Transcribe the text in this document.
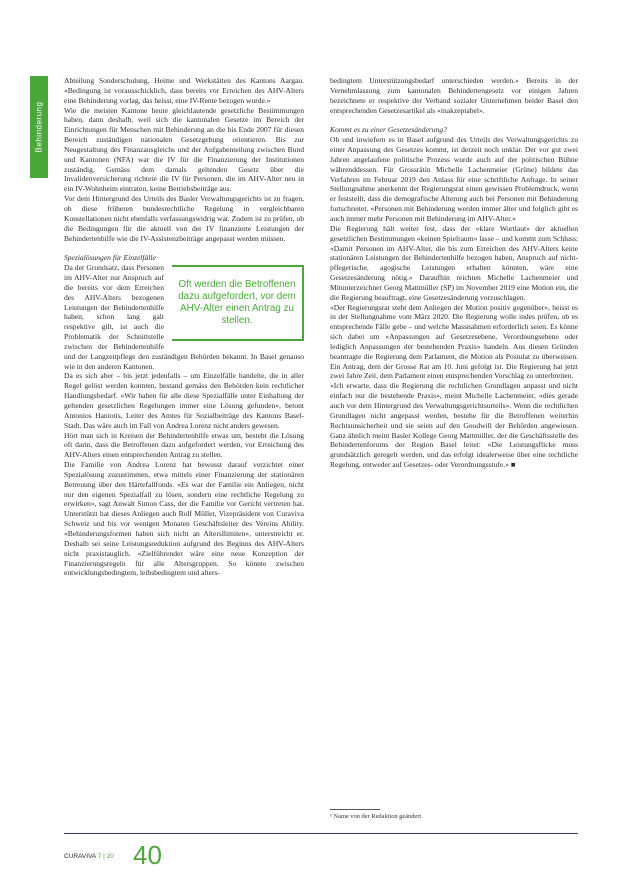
Behinderung

Abteilung Sonderschulung, Heime und Werkstätten des Kantons Aargau. «Bedingung ist vorausschicklich, dass bereits vor Erreichen des AHV-Alters eine Behinderung vorlag, das heisst, eine IV-Rente bezogen wurde.»

Wie die meisten Kantone heute gleichlautende gesetzliche Bestimmungen haben, dann deshalb, weil sich die kantonalen Gesetze im Bereich der Einrichtungen für Menschen mit Behinderung an die bis Ende 2007 für diesen Bereich zuständigen nationalen Gesetzgebung orientieren. Bis zur Neugestaltung des Finanzausgleichs und der Aufgabenteilung zwischen Bund und Kantonen (NFA) war die IV für die Finanzierung der Institutionen zuständig. Gemäss dem damals geltenden Gesetz über die Invalidenversicherung richtete die IV für Personen, die im AHV-Alter neu in ein IV-Wohnheim eintraten, keine Betriebsbeiträge aus.

Vor dem Hintergrund des Urteils des Basler Verwaltungsgerichts ist zu fragen, ob diese früheren bundesrechtliche Regelung in vergleichbaren Konstellationen nicht ebenfalls verfassungswidrig war. Zudem ist zu prüfen, ob die Bedingungen für die aktuell von der IV finanzierte Leistungen der Behindertenhilfe wie die IV-Assistenzbeiträge angepasst werden müssen.

Spezialösungen für Einzelfälle

Oft werden die Betroffenen dazu aufgefordert, vor dem AHV-Alter einen Antrag zu stellen.

Da der Grundsatz, dass Personen im AHV-Alter nur Anspruch auf die bereits vor dem Erreichen des AHV-Alters bezogenen Leistungen der Behindertenhilfe haben, schon lang galt respektive gilt, ist auch die Problematik der Schnittstelle zwischen der Behindertenhilfe und der Langzeitpflege den zuständigen Behörden bekannt. In Basel genauso wie in den anderen Kantonen.

Da es sich aber – bis jetzt jedenfalls – um Einzelfälle handelte, die in aller Regel gelöst werden konnten, bestand gemäss den Behörden kein rechtlicher Handlungsbedarf. «Wir haben für alle diese Spezialfälle unter Einhaltung der geltenden gesetzlichen Regelungen immer eine Lösung gefunden», betont Antonios Haniotis, Leiter des Amtes für Sozialbeiträge des Kantons Basel-Stadt. Das wäre auch im Fall von Andrea Lorenz nicht anders gewesen.

Hört man sich in Kreisen der Behindertenhilfe etwas um, besteht die Lösung oft darin, dass die Betroffenen dazu aufgefordert werden, vor Erreichung des AHV-Alters einen entsprechenden Antrag zu stellen.

Die Familie von Andrea Lorenz hat bewusst darauf verzichtet einer Spezialösung zuzustimmen, etwa mittels einer Finanzierung der stationären Betreuung über den Härtefallfonds. «Es war der Familie ein Anliegen, nicht nur den eigenen Spezialfall zu lösen, sondern eine rechtliche Regelung zu erwirken», sagt Anwalt Simon Cass, der die Familie vor Gericht vertreten hat. Unterstützt hat dieses Anliegen auch Rolf Müller, Vizepräsident von Curaviva Schweiz und bis vor wenigen Monaten Geschäftsleiter des Vereins Ability. «Behinderungsformen haben sich nicht an Altersllimiten», unterstreicht er. Deshalb sei seine Leistungsreduktion aufgrund des Beginns des AHV-Alters nicht praxistauglich. «Zielführender wäre eine neue Konzeption der Finanzierungsregeln für alle Altersgruppen. So könnte zwischen entwicklungsbedingtem, leibsbedingtem und alters-

bedingtem Unterstützungsbedarf unterschieden werden.» Bereits in der Vernehmlassung zum kantonalen Behindertengesetz vor einigen Jahren bezeichnete er respektive der Verband sozialer Unternehmen beider Basel den entsprechenden Gesetzesartikel als «inakzeptabel».

Kommt es zu einer Gesetzesänderung?

Ob und inwiefern es in Basel aufgrund des Urteils des Verwaltungsgerichts zu einer Anpassung des Gesetzes kommt, ist derzeit noch unklar. Der vor gut zwei Jahren angelaufene politische Prozess wurde auch auf der politischen Bühne währenddessen. Für Grossrätin Michelle Lachenmeier (Grüne) bildete das Verfahren im Februar 2019 den Anlass für eine schriftliche Anfrage. In seiner Stellungnahme anerkennt der Regierungsrat einen gewissen Problemdruck, wenn er feststellt, dass die demografische Alterung auch bei Personen mit Behinderung fortschreitet. «Personen mit Behinderung werden immer älter und folglich gibt es auch immer mehr Personen mit Behinderung im AHV-Alter.»

Die Regierung hält weiter fest, dass der «klare Wortlaut» der aktuellen gesetzlichen Bestimmungen «keinen Spielraum» lasse – und kommt zum Schluss: «Damit Personen im AHV-Alter, die bis zum Erreichen des AHV-Alters keine stationären Leistungen der Behindertenhilfe bezogen haben, Anspruch auf nicht-pflegerische, agogische Leistungen erhalten könnten, wäre eine Gesetzesänderung nötig.» Daraufhin reichten Michelle Lachenmeier und Mitunterzeichner Georg Mattmüller (SP) im November 2019 eine Motion ein, die die Regierung beauftragt, eine Gesetzesänderung vorzuschlagen.

«Der Regierungsrat steht dem Anliegen der Motion positiv gegenüber», heisst es in der Stellungnahme vom März 2020. Die Regierung wolle indes prüfen, ob es entsprechende Fälle gebe – und welche Massnahmen erforderlich seien. Es könne sich dabei um «Anpassungen auf Gesetzesebene, Verordnungsebene oder lediglich Anpassungen der bestehenden Praxis» handeln. Aus diesen Gründen beantragte die Regierung dem Parlament, die Motion als Postulat zu überweisen. Ein Antrag, dem der Grosse Rat am 10. Juni gefolgt ist. Die Regierung hat jetzt zwei Jahre Zeit, dem Parlament einen entsprechenden Vorschlag zu unterbreiten.

«Ich erwarte, dass die Regierung die rechtlichen Grundlagen anpasst und nicht einfach nur die bestehende Praxis», meint Michelle Lachenmeier, «dies gerade auch vor dem Hintergrund des Verwaltungsgerichtsurteils». Wenn die rechtlichen Grundlagen nicht angepasst werden, bestehe für die Betroffenen weiterhin Rechtsunsicherheit und sie seien auf den Goodwill der Behörden angewiesen. Ganz ähnlich meint Basler Kollege Georg Mattmüller, der die Geschäftsstelle des Behindertenforums der Region Basel leitet: «Die Leistungsflicke muss grundsätzlich geregelt werden, und das erfolgt idealerweise über eine rechtliche Regelung, entweder auf Gesetzes- oder Verordnungsstufe.» ■

¹ Name von der Redaktion geändert
CURAVIVA 7 | 20 40
